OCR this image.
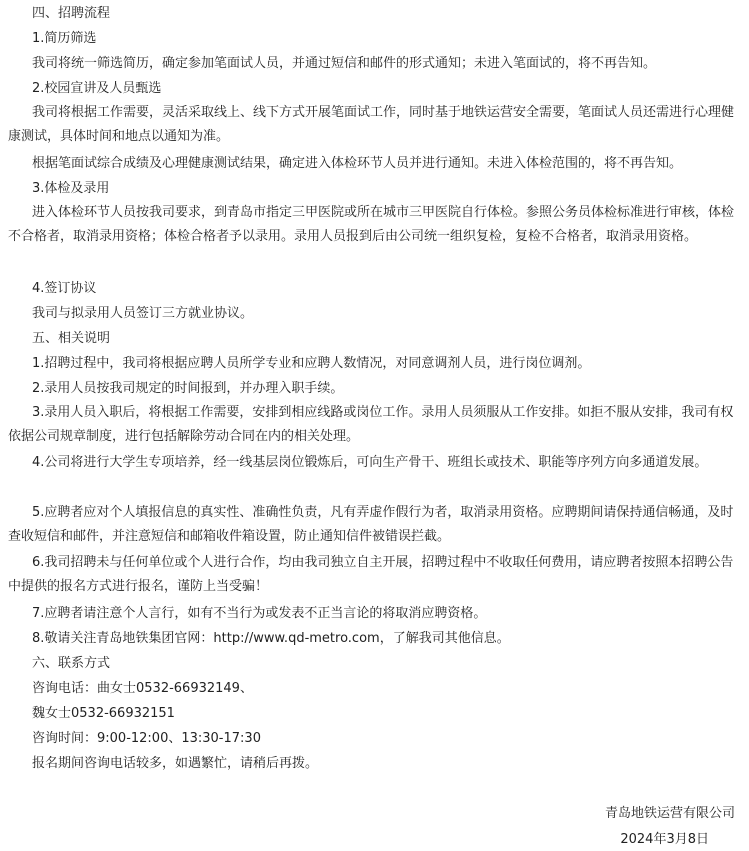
四、招聘流程

1.简历筛选

我司将统一筛选简历，确定参加笔面试人员，并通过短信和邮件的形式通知；未进入笔面试的，将不再告知。

2.校园宣讲及人员甄选

我司将根据工作需要，灵活采取线上、线下方式开展笔面试工作，同时基于地铁运营安全需要，笔面试人员还需进行心理健康测试，具体时间和地点以通知为准。

根据笔面试综合成绩及心理健康测试结果，确定进入体检环节人员并进行通知。未进入体检范围的，将不再告知。

3.体检及录用

进入体检环节人员按我司要求，到青岛市指定三甲医院或所在城市三甲医院自行体检。参照公务员体检标准进行审核，体检不合格者，取消录用资格；体检合格者予以录用。录用人员报到后由公司统一组织复检，复检不合格者，取消录用资格。

4.签订协议

我司与拟录用人员签订三方就业协议。

五、相关说明

1.招聘过程中，我司将根据应聘人员所学专业和应聘人数情况，对同意调剂人员，进行岗位调剂。

2.录用人员按我司规定的时间报到，并办理入职手续。

3.录用人员入职后，将根据工作需要，安排到相应线路或岗位工作。录用人员须服从工作安排。如拒不服从安排，我司有权依据公司规章制度，进行包括解除劳动合同在内的相关处理。

4.公司将进行大学生专项培养，经一线基层岗位锻炼后，可向生产骨干、班组长或技术、职能等序列方向多通道发展。

5.应聘者应对个人填报信息的真实性、准确性负责，凡有弄虚作假行为者，取消录用资格。应聘期间请保持通信畅通，及时查收短信和邮件，并注意短信和邮箱收件箱设置，防止通知信件被错误拦截。

6.我司招聘未与任何单位或个人进行合作，均由我司独立自主开展，招聘过程中不收取任何费用，请应聘者按照本招聘公告中提供的报名方式进行报名，谨防上当受骗！

7.应聘者请注意个人言行，如有不当行为或发表不正当言论的将取消应聘资格。

8.敬请关注青岛地铁集团官网：http://www.qd-metro.com，了解我司其他信息。

六、联系方式

咨询电话：曲女士0532-66932149、

魏女士0532-66932151

咨询时间：9:00-12:00、13:30-17:30

报名期间咨询电话较多，如遇繁忙，请稍后再拨。

青岛地铁运营有限公司

2024年3月8日
